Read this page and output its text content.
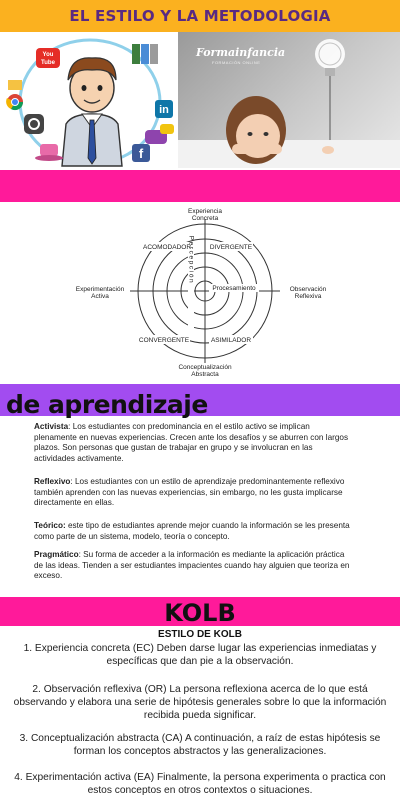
EL ESTILO Y LA METODOLOGIA
You
Tube
in
f
Formainfancia
FORMACIÓN ONLINE
Experiencia
Concreta
Conceptualización
Abstracta
Experimentación
Activa
Observación
Reflexiva
ACOMODADOR	DIVERGENTE
CONVERGENTE	ASIMILADOR
Procesamiento
Percepción
de aprendizaje
Activista: Los estudiantes con predominancia en el estilo activo se implican plenamente en nuevas experiencias. Crecen ante los desafíos y se aburren con largos plazos. Son personas que gustan de trabajar en grupo y se involucran en las actividades activamente.
Reflexivo: Los estudiantes con un estilo de aprendizaje predominantemente reflexivo también aprenden con las nuevas experiencias, sin embargo, no les gusta implicarse directamente en ellas.
Teórico: este tipo de estudiantes aprende mejor cuando la información se les presenta como parte de un sistema, modelo, teoría o concepto.
Pragmático: Su forma de acceder a la información es mediante la aplicación práctica de las ideas. Tienden a ser estudiantes impacientes cuando hay alguien que teoriza en exceso.
KOLB
ESTILO DE KOLB
1. Experiencia concreta (EC) Deben darse lugar las experiencias inmediatas y específicas que dan pie a la observación.
2. Observación reflexiva (OR) La persona reflexiona acerca de lo que está observando y elabora una serie de hipótesis generales sobre lo que la información recibida pueda significar.
3. Conceptualización abstracta (CA) A continuación, a raíz de estas hipótesis se forman los conceptos abstractos y las generalizaciones.
4. Experimentación activa (EA) Finalmente, la persona experimenta o practica con estos conceptos en otros contextos o situaciones.
